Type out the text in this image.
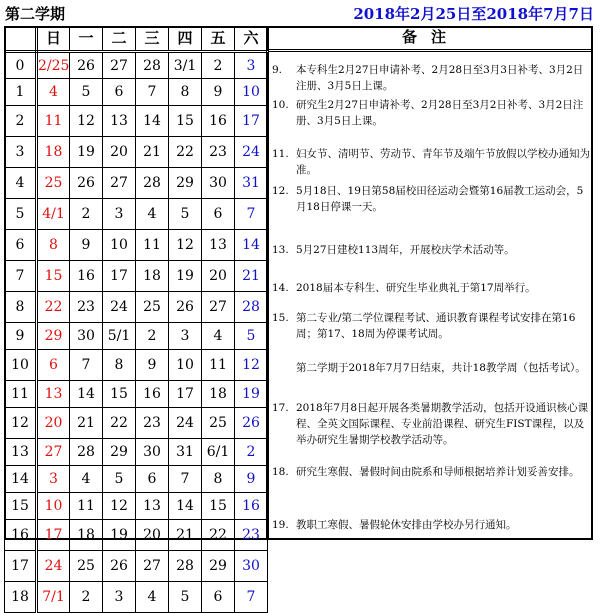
第二学期	2018年2月25日至2018年7月7日
	日	一	二	三	四	五	六
0	2/25	26	27	28	3/1	2	3
1	4	5	6	7	8	9	10
2	11	12	13	14	15	16	17
3	18	19	20	21	22	23	24
4	25	26	27	28	29	30	31
5	4/1	2	3	4	5	6	7
6	8	9	10	11	12	13	14
7	15	16	17	18	19	20	21
8	22	23	24	25	26	27	28
9	29	30	5/1	2	3	4	5
10	6	7	8	9	10	11	12
11	13	14	15	16	17	18	19
12	20	21	22	23	24	25	26
13	27	28	29	30	31	6/1	2
14	3	4	5	6	7	8	9
15	10	11	12	13	14	15	16
16	17	18	19	20	21	22	23
17	24	25	26	27	28	29	30
18	7/1	2	3	4	5	6	7
备注
9.	本专科生2月27日申请补考、2月28日至3月3日补考、3月2日注册、3月5日上课。
10. 研究生2月27日申请补考、2月28日至3月2日补考、3月2日注册、3月5日上课。
11. 妇女节、清明节、劳动节、青年节及端午节放假以学校办通知为准。
12. 5月18日、19日第58届校田径运动会暨第16届教工运动会，5月18日停课一天。
13. 5月27日建校113周年，开展校庆学术活动等。
14. 2018届本专科生、研究生毕业典礼于第17周举行。
15. 第二专业/第二学位课程考试、通识教育课程考试安排在第16周；第17、18周为停课考试周。
第二学期于2018年7月7日结束，共计18教学周（包括考试）。
17. 2018年7月8日起开展各类暑期教学活动，包括开设通识核心课程、全英文国际课程、专业前沿课程、研究生FIST课程，以及举办研究生暑期学校教学活动等。
18. 研究生寒假、暑假时间由院系和导师根据培养计划妥善安排。
19. 教职工寒假、暑假轮休安排由学校办另行通知。
